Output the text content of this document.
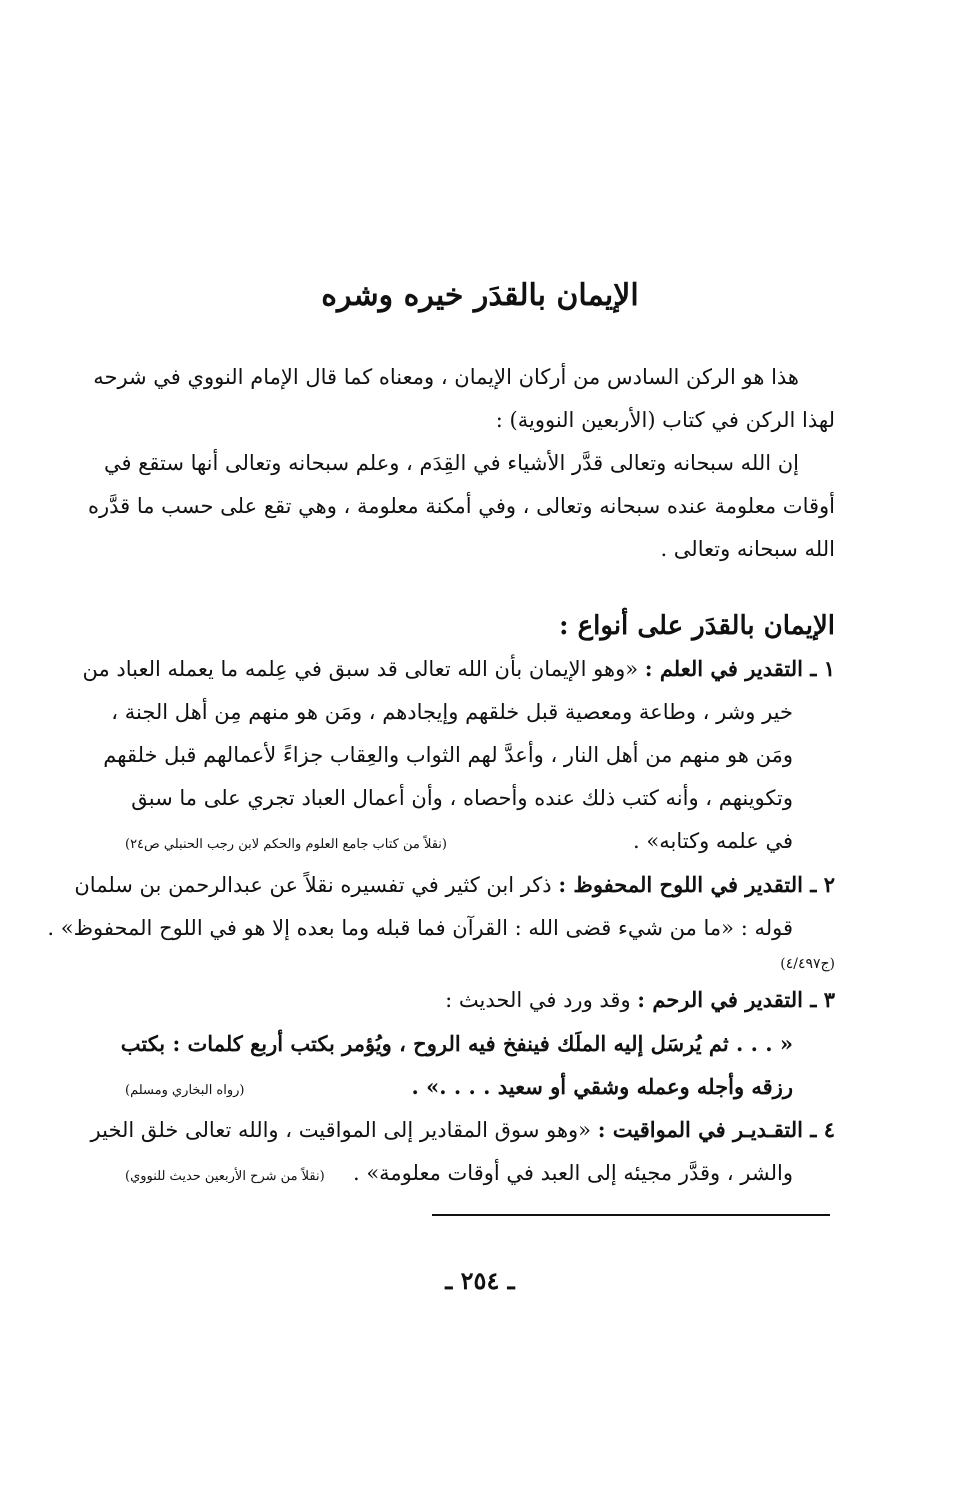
الإيمان بالقدَر خيره وشره
هذا هو الركن السادس من أركان الإيمان ، ومعناه كما قال الإمام النووي في شرحه
لهذا الركن في كتاب (الأربعين النووية) :
إن الله سبحانه وتعالى قدَّر الأشياء في القِدَم ، وعلم سبحانه وتعالى أنها ستقع في
أوقات معلومة عنده سبحانه وتعالى ، وفي أمكنة معلومة ، وهي تقع على حسب ما قدَّره
الله سبحانه وتعالى .
الإيمان بالقدَر على أنواع :
١ ـ التقدير في العلم : «وهو الإيمان بأن الله تعالى قد سبق في عِلمه ما يعمله العباد من
خير وشر ، وطاعة ومعصية قبل خلقهم وإيجادهم ، ومَن هو منهم مِن أهل الجنة ،
ومَن هو منهم من أهل النار ، وأعدَّ لهم الثواب والعِقاب جزاءً لأعمالهم قبل خلقهم
وتكوينهم ، وأنه كتب ذلك عنده وأحصاه ، وأن أعمال العباد تجري على ما سبق
في علمه وكتابه» .
(نقلاً من كتاب جامع العلوم والحكم لابن رجب الحنبلي ص٢٤)
٢ ـ التقدير في اللوح المحفوظ : ذكر ابن كثير في تفسيره نقلاً عن عبدالرحمن بن سلمان
قوله : «ما من شيء قضى الله : القرآن فما قبله وما بعده إلا هو في اللوح المحفوظ» .
(ج٤/٤٩٧)
٣ ـ التقدير في الرحم : وقد ورد في الحديث :
« . . . ثم يُرسَل إليه الملَك فينفخ فيه الروح ، ويُؤمر بكتب أربع كلمات : بكتب
رزقه وأجله وعمله وشقي أو سعيد . . . .» .
(رواه البخاري ومسلم)
٤ ـ التقـديـر في المواقيت : «وهو سوق المقادير إلى المواقيت ، والله تعالى خلق الخير
والشر ، وقدَّر مجيئه إلى العبد في أوقات معلومة» .
(نقلاً من شرح الأربعين حديث للنووي)
ـ ٢٥٤ ـ
